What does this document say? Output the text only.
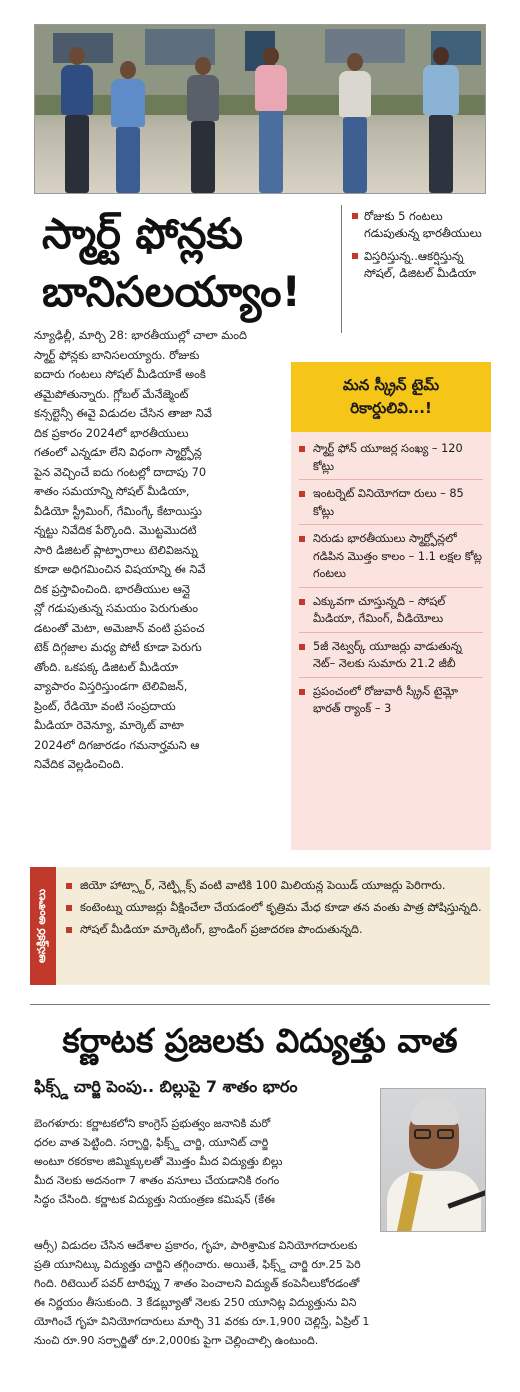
స్మార్ట్ ఫోన్లకు
బానిసలయ్యాం!
రోజుకు 5 గంటలు గడుపుతున్న భారతీయులు
విస్తరిస్తున్న..ఆకర్షిస్తున్న సోషల్, డిజిటల్ మీడియా
న్యూఢిల్లీ, మార్చి 28: భారతీయుల్లో చాలా మంది
స్మార్ట్ ఫోన్లకు బానిసలయ్యారు. రోజుకు
ఐదారు గంటలు సోషల్ మీడియాకే అంకి
తమైపోతున్నారు. గ్లోబల్ మేనేజ్మెంట్
కన్సల్టెన్సీ ఈవై విడుదల చేసిన తాజా నివే
దిక ప్రకారం 2024లో భారతీయులు
గతంలో ఎన్నడూ లేని విధంగా స్మార్ట్ఫోన్ల
పైన వెచ్చించే ఐదు గంటల్లో దాదాపు 70
శాతం సమయాన్ని సోషల్ మీడియా,
వీడియో స్ట్రీమింగ్, గేమింగ్కే కేటాయిస్తు
న్నట్టు నివేదిక పేర్కొంది. మొట్టమొదటి
సారి డిజిటల్ ప్లాట్ఫారాలు టెలివిజన్ను
కూడా అధిగమించిన విషయాన్ని ఈ నివే
దిక ప్రస్తావించింది. భారతీయుల ఆన్లై
న్లో గడుపుతున్న సమయం పెరుగుతుం
డటంతో మెటా, అమెజాన్ వంటి ప్రపంచ
టెక్ దిగ్గజాల మధ్య పోటీ కూడా పెరుగు
తోంది. ఒకపక్క డిజిటల్ మీడియా
వ్యాపారం విస్తరిస్తుండగా టెలివిజన్,
ప్రింట్, రేడియో వంటి సంప్రదాయ
మీడియా రెవెన్యూ, మార్కెట్ వాటా
2024లో దిగజారడం గమనార్హమని ఆ
నివేదిక వెల్లడించింది.
మన స్క్రీన్ టైమ్
రికార్డులివి...!
స్మార్ట్ ఫోన్ యూజర్ల సంఖ్య – 120 కోట్లు
ఇంటర్నెట్ వినియోగదా రులు – 85 కోట్లు
నిరుడు భారతీయులు స్మార్ట్ఫోన్లలో గడిపిన మొత్తం కాలం – 1.1 లక్షల కోట్ల గంటలు
ఎక్కువగా చూస్తున్నది – సోషల్ మీడియా, గేమింగ్, వీడియోలు
5జీ నెట్వర్క్ యూజర్లు వాడుతున్న నెట్– నెలకు సుమారు 21.2 జీబీ
ప్రపంచంలో రోజువారీ స్క్రీన్ టైమ్లో భారత్ ర్యాంక్ – 3
ఆసక్తికర అంశాలు
జియో హాట్స్టార్, నెట్ఫ్లిక్స్ వంటి వాటికి 100 మిలియన్ల పెయిడ్ యూజర్లు పెరిగారు.
కంటెంట్ను యూజర్లు వీక్షించేలా చేయడంలో కృత్రిమ మేధ కూడా తన వంతు పాత్ర పోషిస్తున్నది.
సోషల్ మీడియా మార్కెటింగ్, బ్రాండింగ్ ప్రజాదరణ పొందుతున్నది.
కర్ణాటక ప్రజలకు విద్యుత్తు వాత
ఫిక్స్డ్ చార్జి పెంపు.. బిల్లుపై 7 శాతం భారం
బెంగళూరు: కర్ణాటకలోని కాంగ్రెస్ ప్రభుత్వం జనానికి మరో
ధరల వాత పెట్టింది. సర్చార్జి, ఫిక్స్డ్ చార్జి, యూనిట్ చార్జి
అంటూ రకరకాల జిమ్మిక్కులతో మొత్తం మీద విద్యుత్తు బిల్లు
మీద నెలకు అదనంగా 7 శాతం వసూలు చేయడానికి రంగం
సిద్ధం చేసింది. కర్ణాటక విద్యుత్తు నియంత్రణ కమిషన్ (కేఈ
ఆర్సీ) విడుదల చేసిన ఆదేశాల ప్రకారం, గృహ, పారిశ్రామిక వినియోగదారులకు
ప్రతి యూనిట్కు విద్యుత్తు చార్జిని తగ్గించారు. అయితే, ఫిక్స్డ్ చార్జి రూ.25 పెరి
గింది. రిటెయిల్ పవర్ టారిఫ్ను 7 శాతం పెంచాలని విద్యుత్ కంపెనీలుకోరడంతో
ఈ నిర్ణయం తీసుకుంది. 3 కేడబ్ల్యూతో నెలకు 250 యూనిట్ల విద్యుత్తును విని
యోగించే గృహ వినియోగదారులు మార్చి 31 వరకు రూ.1,900 చెల్లిస్తే, ఏప్రిల్ 1
నుంచి రూ.90 సర్చార్జితో రూ.2,000కు పైగా చెల్లించాల్సి ఉంటుంది.
